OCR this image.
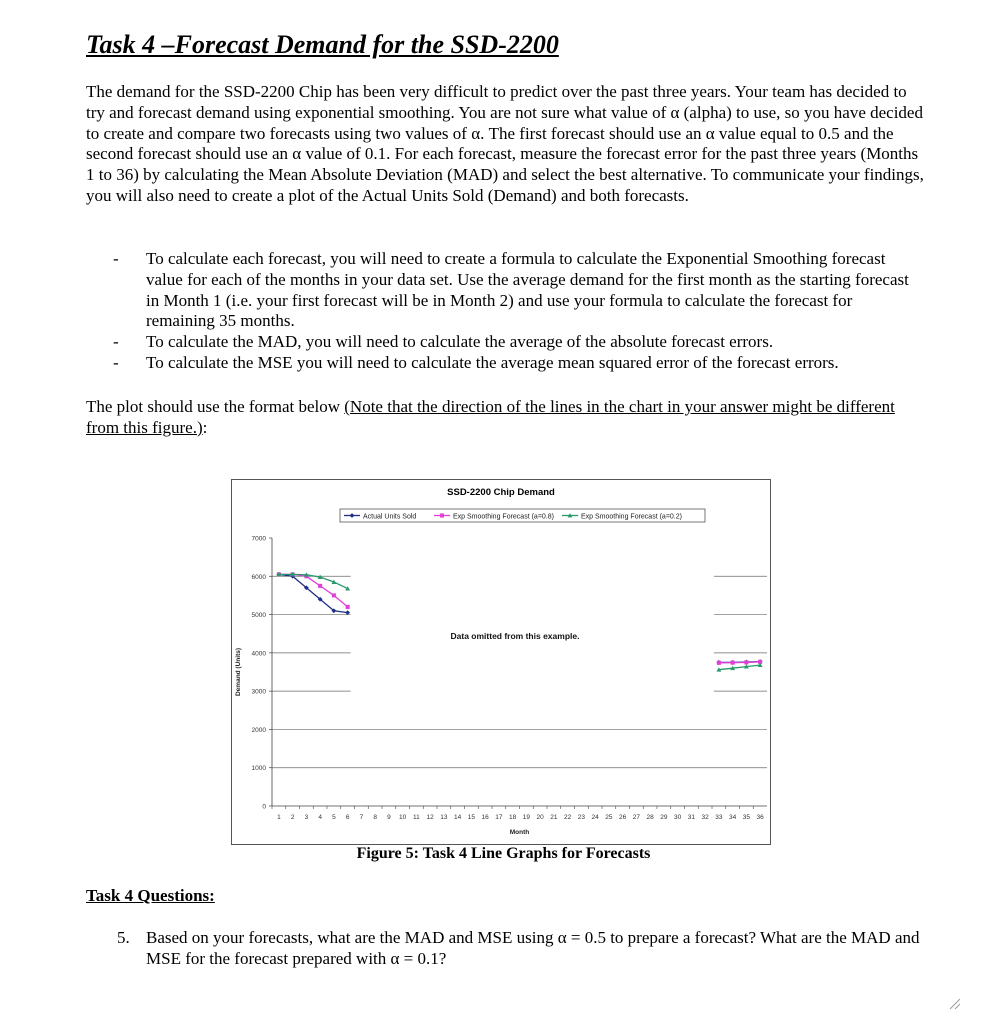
Task 4 –Forecast Demand for the SSD-2200

The demand for the SSD-2200 Chip has been very difficult to predict over the past three years. Your team has decided to try and forecast demand using exponential smoothing. You are not sure what value of α (alpha) to use, so you have decided to create and compare two forecasts using two values of α. The first forecast should use an α value equal to 0.5 and the second forecast should use an α value of 0.1. For each forecast, measure the forecast error for the past three years (Months 1 to 36) by calculating the Mean Absolute Deviation (MAD) and select the best alternative. To communicate your findings, you will also need to create a plot of the Actual Units Sold (Demand) and both forecasts.

- To calculate each forecast, you will need to create a formula to calculate the Exponential Smoothing forecast value for each of the months in your data set. Use the average demand for the first month as the starting forecast in Month 1 (i.e. your first forecast will be in Month 2) and use your formula to calculate the forecast for remaining 35 months.
- To calculate the MAD, you will need to calculate the average of the absolute forecast errors.
- To calculate the MSE you will need to calculate the average mean squared error of the forecast errors.

The plot should use the format below (Note that the direction of the lines in the chart in your answer might be different from this figure.):

SSD-2200 Chip Demand
Actual Units Sold	Exp Smoothing Forecast (a=0.8)	Exp Smoothing Forecast (a=0.2)
0
1000
2000
3000
4000
5000
6000
7000
1 2 3 4 5 6 7 8 9 10 11 12 13 14 15 16 17 18 19 20 21 22 23 24 25 26 27 28 29 30 31 32 33 34 35 36
Month
Demand (Units)
Data omitted from this example.

Figure 5: Task 4 Line Graphs for Forecasts

Task 4 Questions:

5. Based on your forecasts, what are the MAD and MSE using α = 0.5 to prepare a forecast? What are the MAD and MSE for the forecast prepared with α = 0.1?
